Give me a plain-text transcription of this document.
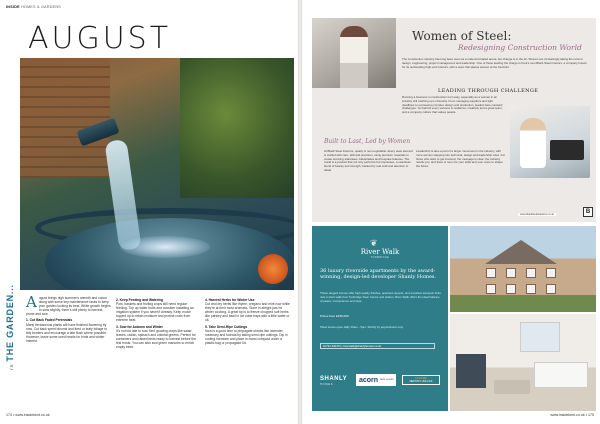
INSIDE HOMES & GARDENS
AUGUST
inTHE GARDEN... August brings high summer's warmth and colour along with some key maintenance tasks to keep your garden looking its best. While growth begins to slow slightly, there's still plenty to harvest, prune and sow.
1. Cut Back Faded Perennials
Many herbaceous plants will have finished flowering by now. Cut back spent blooms and tired or leafy foliage to tidy borders and encourage a late flush where possible. However, leave some seed heads for birds and winter interest.
2. Keep Feeding and Watering
Pots, baskets and fruiting crops still need regular feeding. Top up water butts and consider installing an irrigation system if you haven't already. Keep mulch topped up to retain moisture and protect roots from extreme heat.
3. Sow for Autumn and Winter
It's not too late to sow 'fast' growing crops like salad leaves, radish, spinach and oriental greens. Perfect for containers and raised beds ready to harvest before the first frosts. You can also sow green manures to enrich empty beds.
4. Harvest Herbs for Winter Use
Cut and dry herbs like thyme, oregano and mint now while they're at their most aromatic. Store in airtight jars for winter cooking. A great tip is to freeze chopped soft herbs like parsley and basil in ice cube trays with a little water or oil.
5. Take Semi-Ripe Cuttings
Now is a good time to propagate shrubs like lavender, rosemary and fuchsia by taking semi-ripe cuttings. Dip in rooting hormone and place in moist compost under a plastic bag or propagator lid.
174 • www.insidekent.co.uk
Women of Steel:
Redesigning Construction World
The construction industry has long been seen as a male-dominated arena, but change is in the air. Women are increasingly taking the reins in design, engineering, project management and leadership. One of those leading the charge is Kent's own Black Steel Interiors, a company known for its outstanding high-end interiors, with a team that places women at the forefront.
LEADING THROUGH CHALLENGE
Running a business in construction isn't easy, especially as a woman in an industry still catching up in diversity. From managing suppliers and tight deadlines to overseeing complex design and production, leaders face constant challenges. Yet behind every success is resilience, creativity and a great team, and a company culture that values people.
Built to Last, Led by Women
At Black Steel Interiors, quality is non-negotiable. Every steel element is crafted with care, skill and precision, using premium materials to create stunning staircases, balustrades and bespoke features. The result is a product that not only performs but impresses, a seamless blend of beauty and strength, backed by real craft and attention to detail.
Leadership is also a part of a larger movement in the industry, with more women stepping into technical, design and leadership roles. For those who want to get involved, the message is clear: the industry needs you, and there is room for your skills and your voice to shape the future.
www.blacksteelinteriors.co.uk	B
❦
River Walk
TONBRIDGE
36 luxury riverside apartments by the award-winning, design-led developer Shanly Homes.
These elegant homes offer high quality finishes, spacious layouts, and excellent transport links. Just a short walk from Tonbridge Town Centre and station, River Walk offers the ideal balance of peace, convenience and style.
Prices from £335,000
Show Home open daily 10am - 5pm. Strictly by appointment only.
01732 440370 | riverwalk@shanlyhomes.co.uk
SHANLY
HOMES
acorn NEW HOMES
LIFETIME
DEPOSIT UNLOCK
www.insidekent.co.uk • 175
